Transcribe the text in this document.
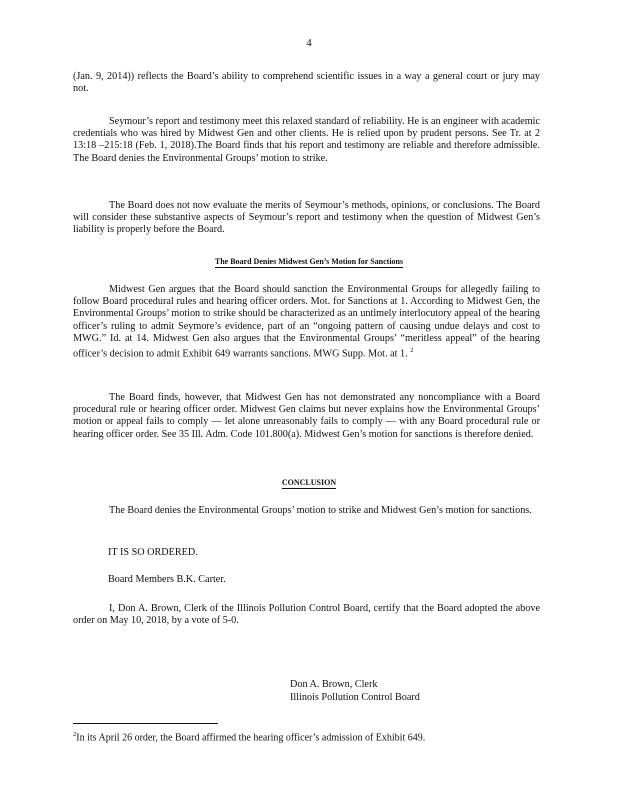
4

(Jan. 9, 2014)) reflects the Board’s ability to comprehend scientific issues in a way a general court or jury may not.

Seymour’s report and testimony meet this relaxed standard of reliability. He is an engineer with academic credentials who was hired by Midwest Gen and other clients. He is relied upon by prudent persons. See Tr. at 2 13:18 –215:18 (Feb. 1, 2018).The Board finds that his report and testimony are reliable and therefore admissible. The Board denies the Environmental Groups’ motion to strike.

The Board does not now evaluate the merits of Seymour’s methods, opinions, or conclusions. The Board will consider these substantive aspects of Seymour’s report and testimony when the question of Midwest Gen’s liability is properly before the Board.

The Board Denies Midwest Gen’s Motion for Sanctions

Midwest Gen argues that the Board should sanction the Environmental Groups for allegedly failing to follow Board procedural rules and hearing officer orders. Mot. for Sanctions at 1. According to Midwest Gen, the Environmental Groups’ motion to strike should be characterized as an untimely interlocutory appeal of the hearing officer’s ruling to admit Seymore’s evidence, part of an “ongoing pattern of causing undue delays and cost to MWG.” Id. at 14. Midwest Gen also argues that the Environmental Groups’ “meritless appeal” of the hearing officer’s decision to admit Exhibit 649 warrants sanctions. MWG Supp. Mot. at 1. $^2$

The Board finds, however, that Midwest Gen has not demonstrated any noncompliance with a Board procedural rule or hearing officer order. Midwest Gen claims but never explains how the Environmental Groups’ motion or appeal fails to comply — let alone unreasonably fails to comply — with any Board procedural rule or hearing officer order. See 35 Ill. Adm. Code 101.800(a). Midwest Gen’s motion for sanctions is therefore denied.

CONCLUSION

The Board denies the Environmental Groups’ motion to strike and Midwest Gen’s motion for sanctions.

IT IS SO ORDERED.

Board Members B.K. Carter.

I, Don A. Brown, Clerk of the Illinois Pollution Control Board, certify that the Board adopted the above order on May 10, 2018, by a vote of 5-0.

Don A. Brown, Clerk

Illinois Pollution Control Board

$^2$In its April 26 order, the Board affirmed the hearing officer’s admission of Exhibit 649.
